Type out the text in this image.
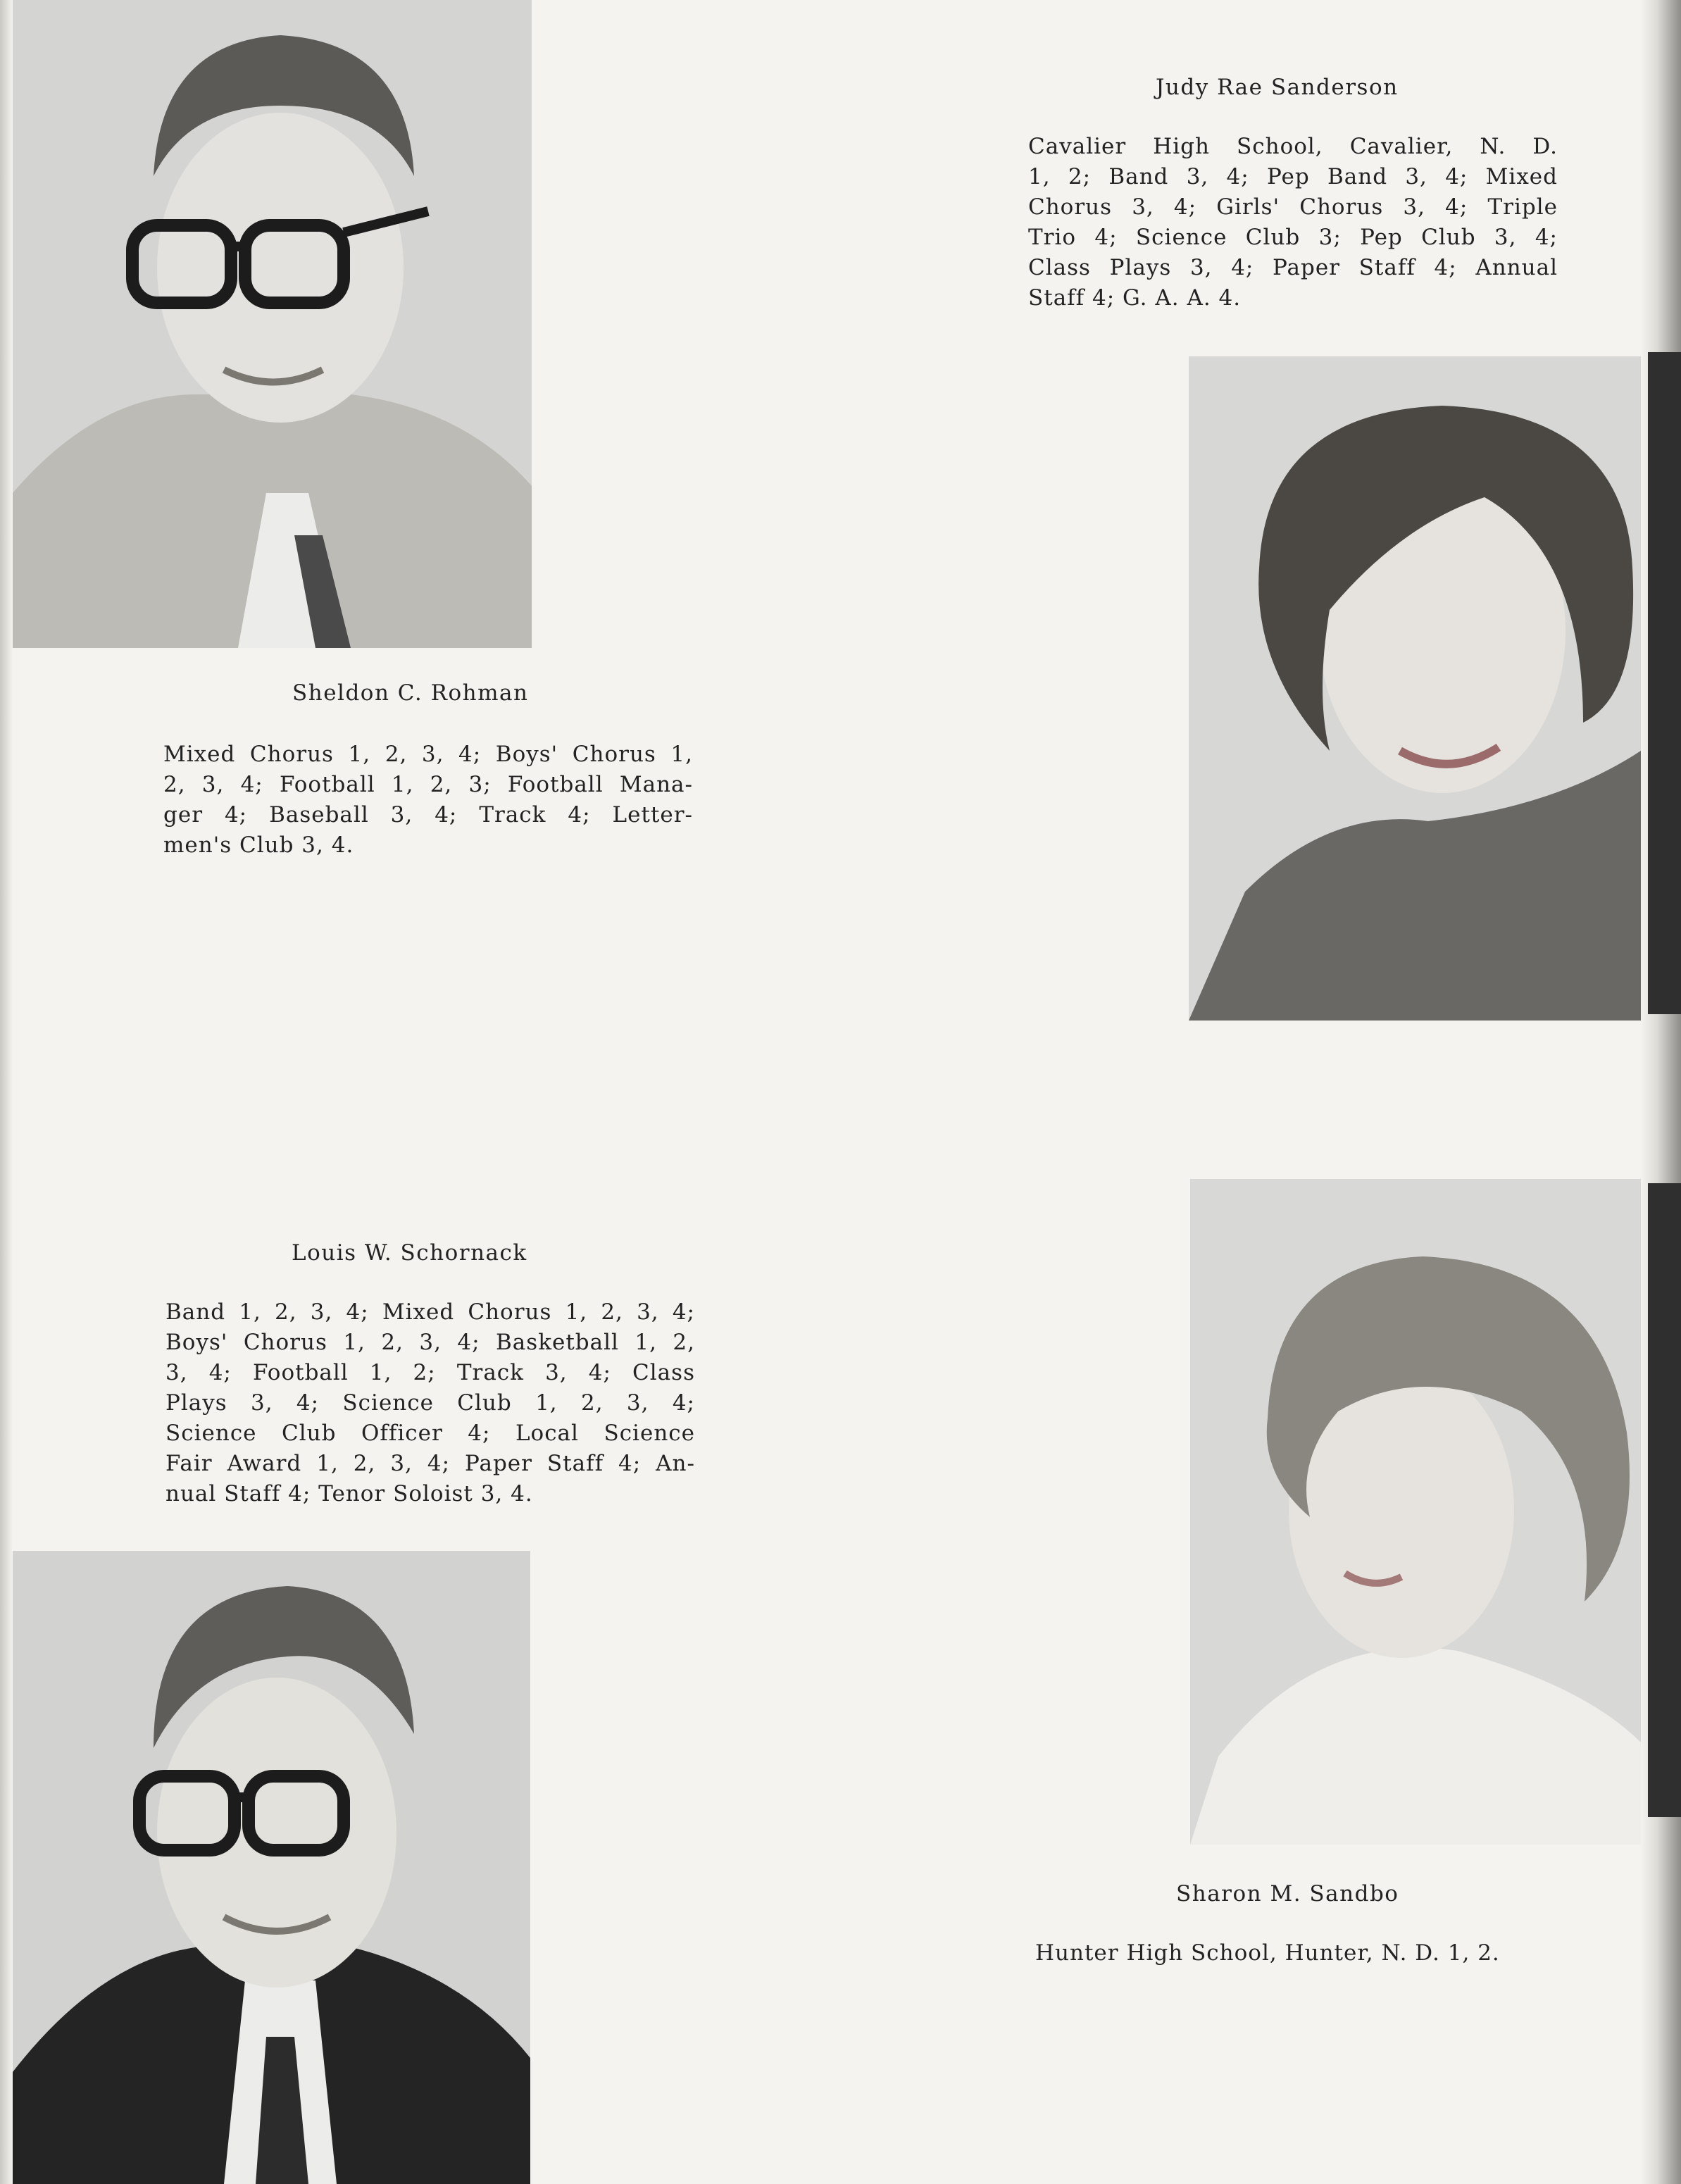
Sheldon C. Rohman
Mixed Chorus 1, 2, 3, 4; Boys' Chorus 1,
2, 3, 4; Football 1, 2, 3; Football Mana-
ger 4; Baseball 3, 4; Track 4; Letter-
men's Club 3, 4.
Judy Rae Sanderson
Cavalier High School, Cavalier, N. D.
1, 2; Band 3, 4; Pep Band 3, 4; Mixed
Chorus 3, 4; Girls' Chorus 3, 4; Triple
Trio 4; Science Club 3; Pep Club 3, 4;
Class Plays 3, 4; Paper Staff 4; Annual
Staff 4; G. A. A. 4.
Louis W. Schornack
Band 1, 2, 3, 4; Mixed Chorus 1, 2, 3, 4;
Boys' Chorus 1, 2, 3, 4; Basketball 1, 2,
3, 4; Football 1, 2; Track 3, 4; Class
Plays 3, 4; Science Club 1, 2, 3, 4;
Science Club Officer 4; Local Science
Fair Award 1, 2, 3, 4; Paper Staff 4; An-
nual Staff 4; Tenor Soloist 3, 4.
Sharon M. Sandbo
Hunter High School, Hunter, N. D. 1, 2.
